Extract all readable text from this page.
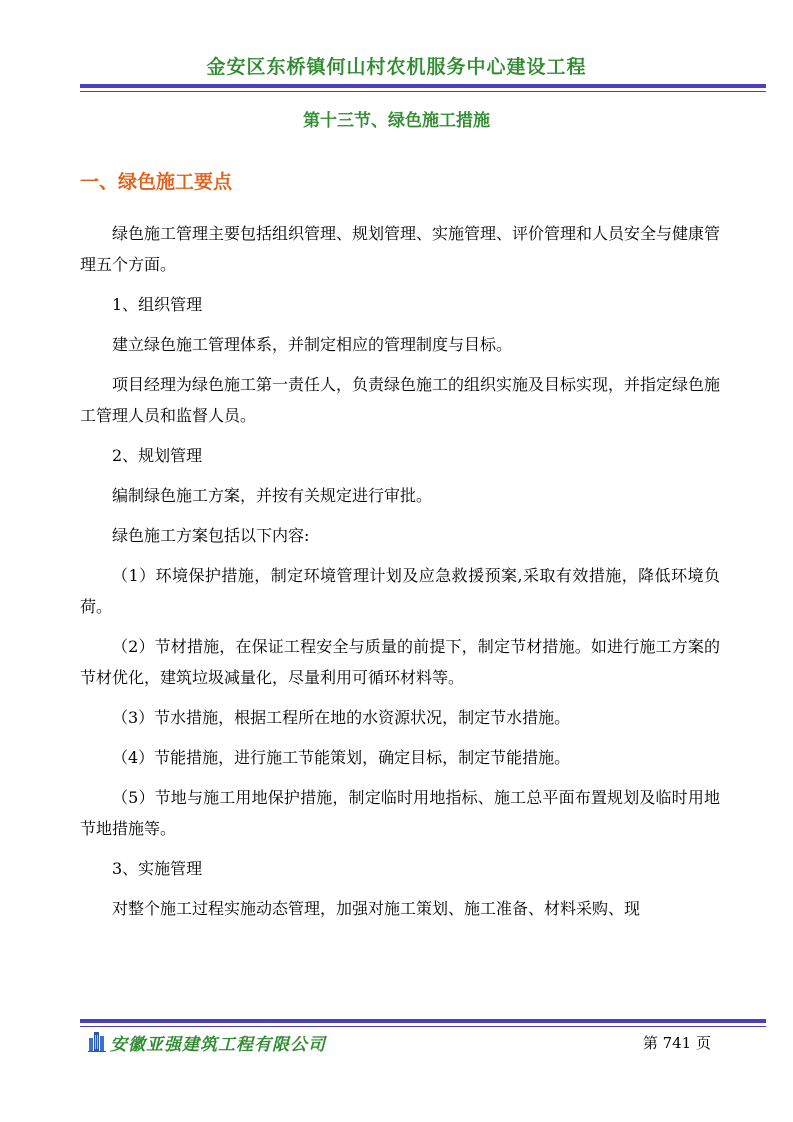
金安区东桥镇何山村农机服务中心建设工程
第十三节、绿色施工措施
一、绿色施工要点

绿色施工管理主要包括组织管理、规划管理、实施管理、评价管理和人员安全与健康管理五个方面。

1、组织管理

建立绿色施工管理体系，并制定相应的管理制度与目标。

项目经理为绿色施工第一责任人，负责绿色施工的组织实施及目标实现，并指定绿色施工管理人员和监督人员。

2、规划管理

编制绿色施工方案，并按有关规定进行审批。

绿色施工方案包括以下内容:

（1）环境保护措施，制定环境管理计划及应急救援预案,采取有效措施，降低环境负荷。

（2）节材措施，在保证工程安全与质量的前提下，制定节材措施。如进行施工方案的节材优化，建筑垃圾减量化，尽量利用可循环材料等。

（3）节水措施，根据工程所在地的水资源状况，制定节水措施。

（4）节能措施，进行施工节能策划，确定目标，制定节能措施。

（5）节地与施工用地保护措施，制定临时用地指标、施工总平面布置规划及临时用地节地措施等。

3、实施管理

对整个施工过程实施动态管理，加强对施工策划、施工准备、材料采购、现

安徽亚强建筑工程有限公司	第 741 页
